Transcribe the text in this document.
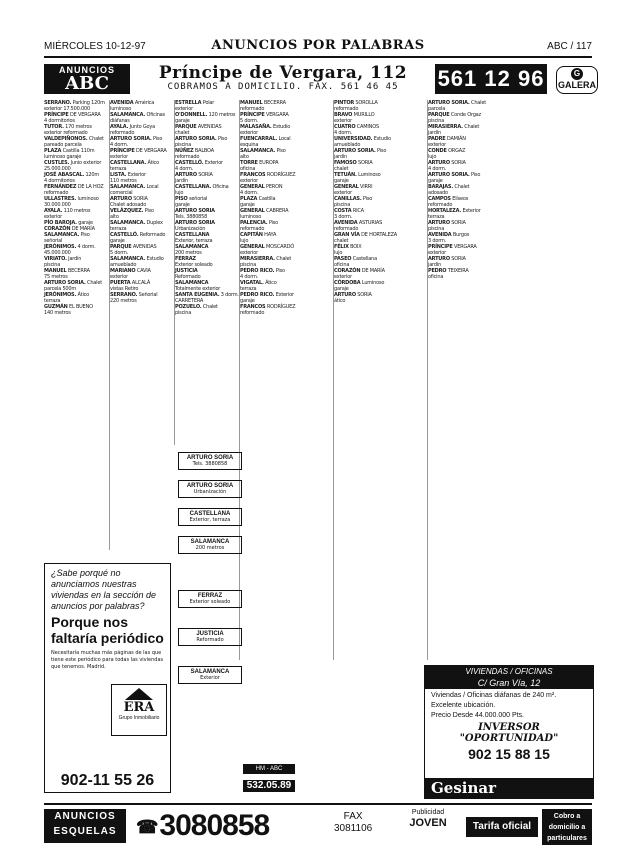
MIÉRCOLES 10-12-97	ANUNCIOS POR PALABRAS	ABC / 117
ANUNCIOS
ABC	Príncipe de Vergara, 112
COBRAMOS A DOMICILIO. FAX. 561 46 45	561 12 96	G
GALERA
SERRANO. Parking 120m
exterior 17.500.000
PRÍNCIPE DE VERGARA
4 dormitorios
TUTOR. 170 metros
exterior reformado
VALDEPIÑONOS. Chalet
pareado parcela
PLAZA Castilla 110m
luminoso garaje
CUSTLES. Junio exterior
25.000.000
JOSÉ ABASCAL. 120m
4 dormitorios
FERNÁNDEZ DE LA HOZ
reformado
ULLASTRES. luminoso
30.000.000
AYALA. 110 metros
exterior
PÍO BAROJA. garaje
CORAZÓN DE MARÍA
SALAMANCA. Piso
señorial
JERÓNIMOS. 4 dorm.
45.000.000
VIRIATO. Jardín
piscina
MANUEL BECERRA
75 metros
ARTURO SORIA. Chalet
parcela 500m
JERÓNIMOS. Ático
terraza
GUZMÁN EL BUENO
140 metros
AVENIDA América
luminoso
SALAMANCA. Oficinas
diáfanas
AYALA. Junto Goya
reformado
ARTURO SORIA. Piso
4 dorm.
PRÍNCIPE DE VERGARA
exterior
CASTELLANA. Ático
terraza
LISTA. Exterior
110 metros
SALAMANCA. Local
comercial
ARTURO SORIA
Chalet adosado
VELÁZQUEZ. Piso
alto
SALAMANCA. Duplex
terraza
CASTELLÓ. Reformado
garaje
PARQUE AVENIDAS
5 dorm.
SALAMANCA. Estudio
amueblado
MARIANO CAVIA
exterior
PUERTA ALCALÁ
vistas Retiro
SERRANO. Señorial
220 metros
ESTRELLA Polar
exterior
O'DONNELL. 120 metros
garaje
PARQUE AVENIDAS
chalet
ARTURO SORIA. Piso
piscina
NÚÑEZ BALBOA
reformado
CASTELLÓ. Exterior
4 dorm.
ARTURO SORIA
jardín
CASTELLANA. Oficina
lujo
PISO señorial
garaje
ARTURO SORIA
Tels. 3880858
ARTURO SORIA
Urbanización
CASTELLANA
Exterior, terraza
SALAMANCA
200 metros
FERRAZ
Exterior soleado
JUSTICIA
Reformado
SALAMANCA
Totalmente exterior
SANTA EUGENIA. 3 dorm.
CARRETERA
POZUELO. Chalet
piscina
MANUEL BECERRA
reformado
PRÍNCIPE VERGARA
5 dorm.
MALASAÑA. Estudio
exterior
FUENCARRAL. Local
esquina
SALAMANCA. Piso
alto
TORRE EUROPA
oficina
FRANCOS RODRÍGUEZ
exterior
GENERAL PERON
4 dorm.
PLAZA Castilla
garaje
GENERAL CABRERA
luminoso
PALENCIA. Piso
reformado
CAPITÁN HAYA
lujo
GENERAL MOSCARDÓ
exterior
MIRASIERRA. Chalet
piscina
PEDRO RICO. Piso
4 dorm.
VIGATAL. Ático
terraza
PEDRO RICO. Exterior
garaje
FRANCOS RODRÍGUEZ
reformado
PINTOR SOROLLA
reformado
BRAVO MURILLO
exterior
CUATRO CAMINOS
4 dorm.
UNIVERSIDAD. Estudio
amueblado
ARTURO SORIA. Piso
jardín
FAMOSO SORIA
chalet
TETUÁN. Luminoso
garaje
GENERAL VIRRI
exterior
CANILLAS. Piso
piscina
COSTA RICA
3 dorm.
AVENIDA ASTURIAS
reformado
GRAN VÍA DE HORTALEZA
chalet
FÉLIX BOIX
lujo
PASEO Castellana
oficina
CORAZÓN DE MARÍA
exterior
CÓRDOBA Luminoso
garaje
ARTURO SORIA
ático
ARTURO SORIA. Chalet
parcela
PARQUE Conde Orgaz
piscina
MIRASIERRA. Chalet
jardín
PADRE DAMIÁN
exterior
CONDE ORGAZ
lujo
ARTURO SORIA
4 dorm.
ARTURO SORIA. Piso
garaje
BARAJAS. Chalet
adosado
CAMPOS Elíseos
reformado
HORTALEZA. Exterior
terraza
ARTURO SORIA
piscina
AVENIDA Burgos
3 dorm.
PRÍNCIPE VERGARA
exterior
ARTURO SORIA
jardín
PEDRO TEIXEIRA
oficina
¿Sabe porqué no anunciamos nuestras viviendas en la sección de anuncios por palabras?
Porque nos faltaría periódico
Necesitaría muchas más páginas de las que tiene este periódico para todas las viviendas que tenemos. Madrid.
ERA
Grupo Inmobiliario
902-11 55 26
ARTURO SORIA
Tels. 3880858
ARTURO SORIA
Urbanización
CASTELLANA
Exterior, terraza
SALAMANCA
200 metros
FERRAZ
Exterior soleado
JUSTICIA
Reformado
SALAMANCA
Exterior
HM - ABC
532.05.89
VIVIENDAS / OFICINAS
C/ Gran Vía, 12
Viviendas / Oficinas diáfanas de 240 m².
Excelente ubicación.
Precio Desde 44.000.000 Pts.
INVERSOR
"OPORTUNIDAD"
902 15 88 15
Gesinar
ANUNCIOS
ESQUELAS	☎3080858	FAX
3081106
Publicidad
JOVEN	Tarifa oficial
Cobro a domicilio a particulares
